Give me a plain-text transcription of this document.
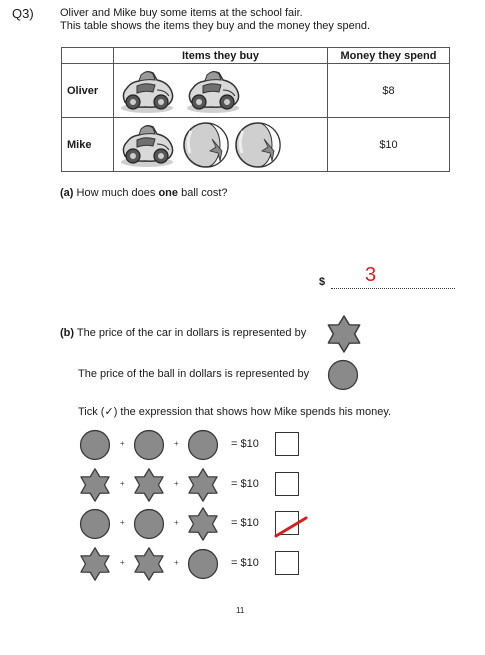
Q3) Oliver and Mike buy some items at the school fair.
This table shows the items they buy and the money they spend.
	Items they buy	Money they spend
Oliver		$8
Mike		$10
(a) How much does one ball cost?
$ 3
(b) The price of the car in dollars is represented by
The price of the ball in dollars is represented by
Tick (✓) the expression that shows how Mike spends his money.
+	+	= $10
+	+	= $10
+	+	= $10
+	+	= $10
11
